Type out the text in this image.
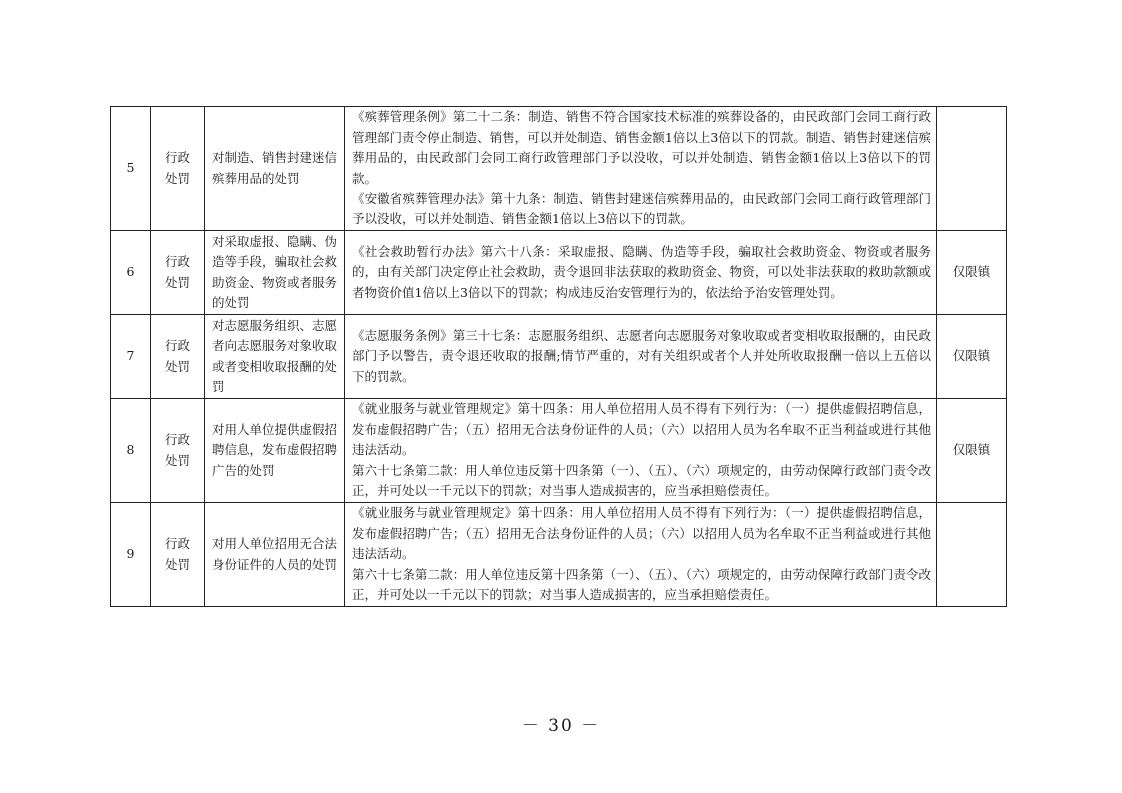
5	行政处罚	对制造、销售封建迷信殡葬用品的处罚	《殡葬管理条例》第二十二条：制造、销售不符合国家技术标准的殡葬设备的，由民政部门会同工商行政管理部门责令停止制造、销售，可以并处制造、销售金额1倍以上3倍以下的罚款。制造、销售封建迷信殡葬用品的，由民政部门会同工商行政管理部门予以没收，可以并处制造、销售金额1倍以上3倍以下的罚款。
《安徽省殡葬管理办法》第十九条：制造、销售封建迷信殡葬用品的，由民政部门会同工商行政管理部门予以没收，可以并处制造、销售金额1倍以上3倍以下的罚款。	

6	行政处罚	对采取虚报、隐瞒、伪造等手段，骗取社会救助资金、物资或者服务的处罚	《社会救助暂行办法》第六十八条：采取虚报、隐瞒、伪造等手段，骗取社会救助资金、物资或者服务的，由有关部门决定停止社会救助，责令退回非法获取的救助资金、物资，可以处非法获取的救助款额或者物资价值1倍以上3倍以下的罚款；构成违反治安管理行为的，依法给予治安管理处罚。	仅限镇
7	行政处罚	对志愿服务组织、志愿者向志愿服务对象收取或者变相收取报酬的处罚	《志愿服务条例》第三十七条：志愿服务组织、志愿者向志愿服务对象收取或者变相收取报酬的，由民政部门予以警告，责令退还收取的报酬;情节严重的，对有关组织或者个人并处所收取报酬一倍以上五倍以下的罚款。	仅限镇
8	行政处罚	对用人单位提供虚假招聘信息，发布虚假招聘广告的处罚	《就业服务与就业管理规定》第十四条：用人单位招用人员不得有下列行为：（一）提供虚假招聘信息，发布虚假招聘广告；（五）招用无合法身份证件的人员；（六）以招用人员为名牟取不正当利益或进行其他违法活动。
第六十七条第二款：用人单位违反第十四条第（一）、（五）、（六）项规定的，由劳动保障行政部门责令改正，并可处以一千元以下的罚款；对当事人造成损害的，应当承担赔偿责任。	仅限镇
9	行政处罚	对用人单位招用无合法身份证件的人员的处罚	《就业服务与就业管理规定》第十四条：用人单位招用人员不得有下列行为：（一）提供虚假招聘信息，发布虚假招聘广告；（五）招用无合法身份证件的人员；（六）以招用人员为名牟取不正当利益或进行其他违法活动。
第六十七条第二款：用人单位违反第十四条第（一）、（五）、（六）项规定的，由劳动保障行政部门责令改正，并可处以一千元以下的罚款；对当事人造成损害的，应当承担赔偿责任。	

－ 30 －
